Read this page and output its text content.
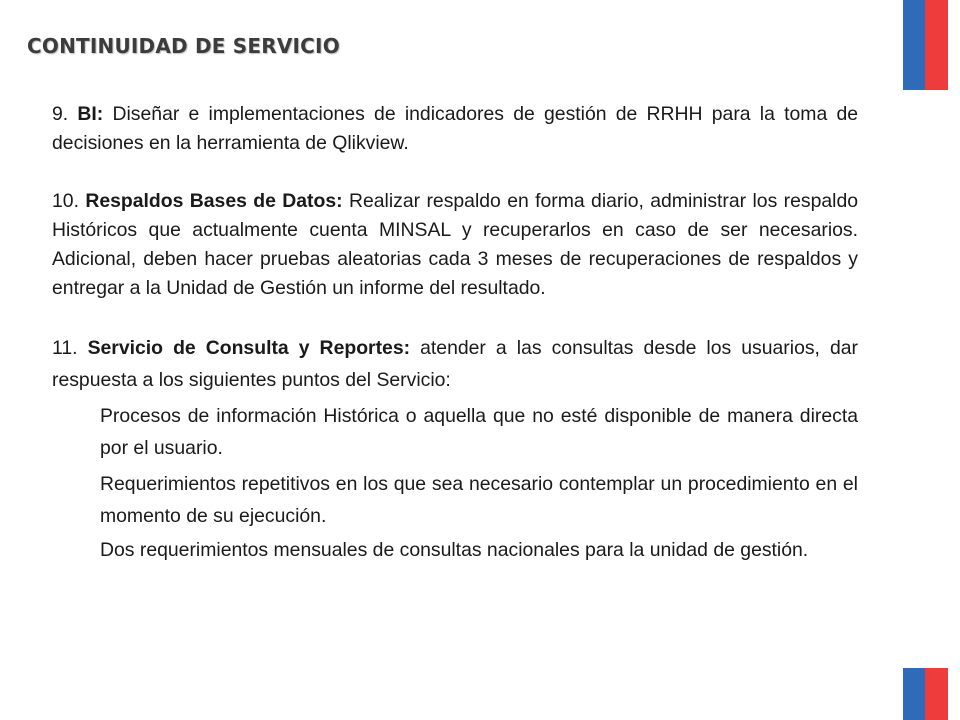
CONTINUIDAD DE SERVICIO

9. BI: Diseñar e implementaciones de indicadores de gestión de RRHH para la toma de decisiones en la herramienta de Qlikview.

10. Respaldos Bases de Datos: Realizar respaldo en forma diario, administrar los respaldo Históricos que actualmente cuenta MINSAL y recuperarlos en caso de ser necesarios. Adicional, deben hacer pruebas aleatorias cada 3 meses de recuperaciones de respaldos y entregar a la Unidad de Gestión un informe del resultado.

11. Servicio de Consulta y Reportes: atender a las consultas desde los usuarios, dar respuesta a los siguientes puntos del Servicio:

Procesos de información Histórica o aquella que no esté disponible de manera directa por el usuario.

Requerimientos repetitivos en los que sea necesario contemplar un procedimiento en el momento de su ejecución.

Dos requerimientos mensuales de consultas nacionales para la unidad de gestión.
